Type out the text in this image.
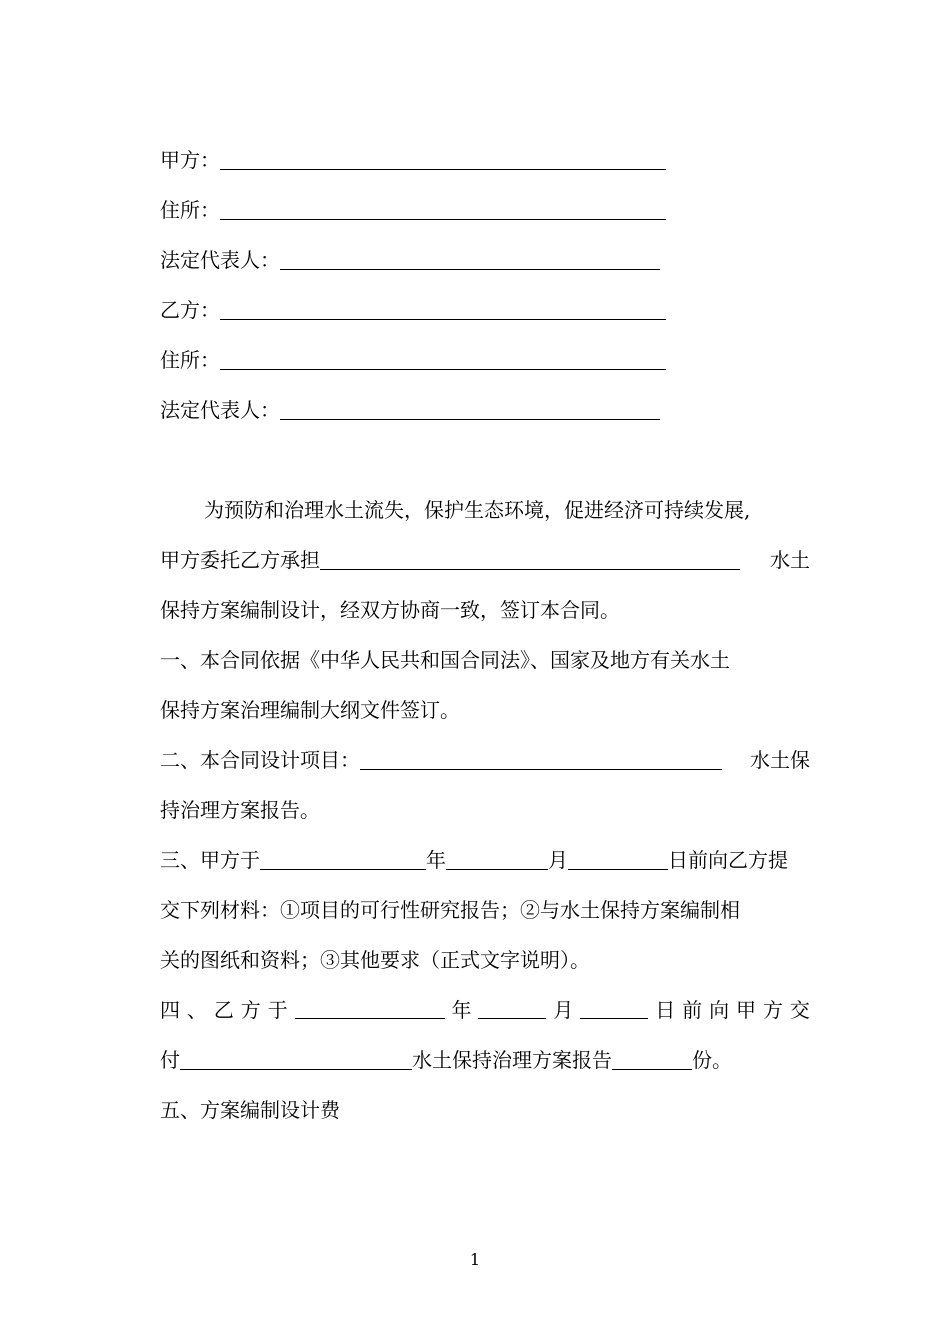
甲方：
住所：
法定代表人：
乙方：
住所：
法定代表人：
为预防和治理水土流失，保护生态环境，促进经济可持续发展,
甲方委托乙方承担	水土
保持方案编制设计，经双方协商一致，签订本合同。
一、本合同依据《中华人民共和国合同法》、国家及地方有关水土
保持方案治理编制大纲文件签订。
二、本合同设计项目：	水土保
持治理方案报告。
三、甲方于	年	月	日前向乙方提
交下列材料：①项目的可行性研究报告；②与水土保持方案编制相
关的图纸和资料；③其他要求（正式文字说明）。
四 、 乙 方 于	年	月	日 前 向 甲 方 交
付	水土保持治理方案报告	份。
五、方案编制设计费
1
